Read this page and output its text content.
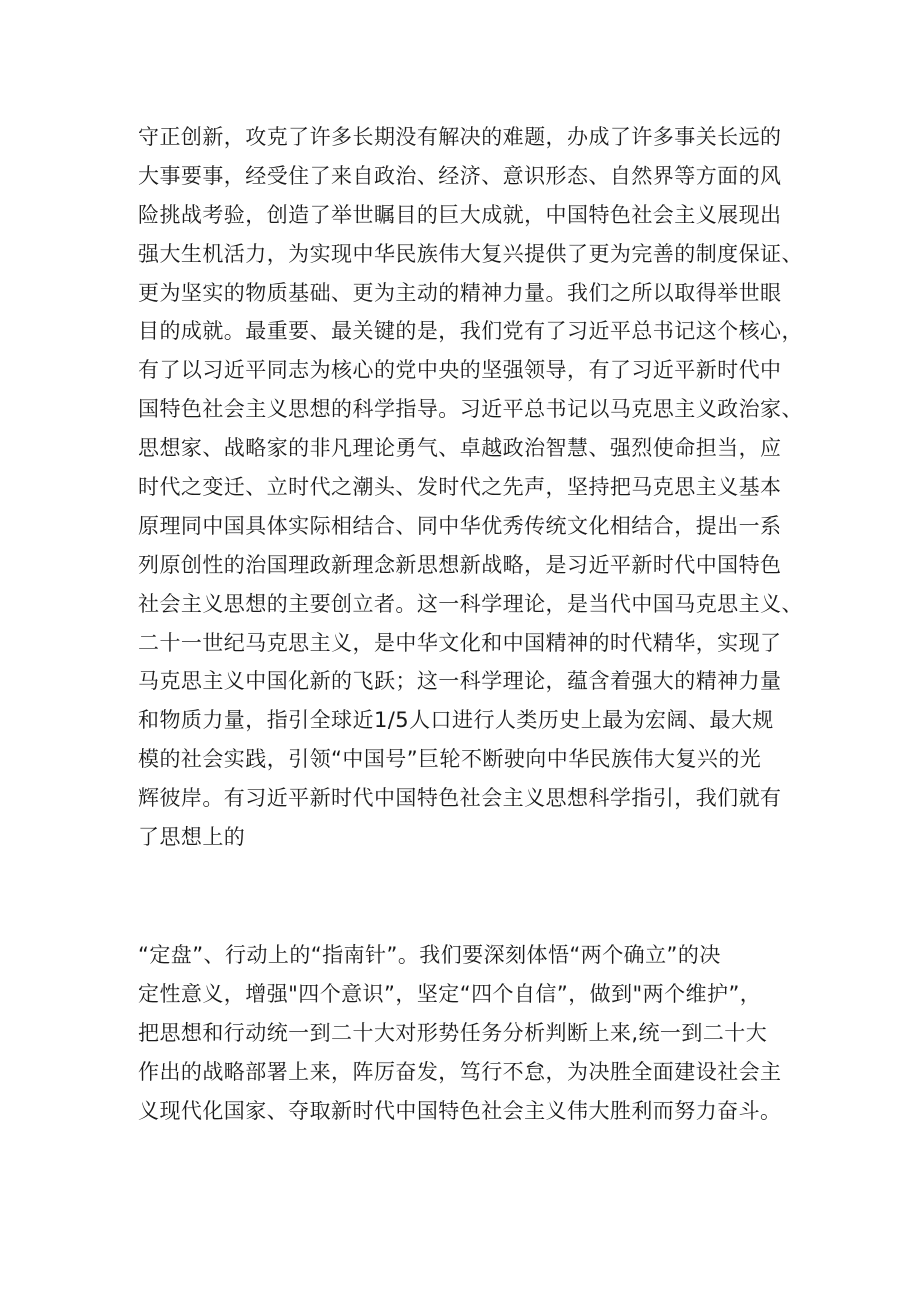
守正创新，攻克了许多长期没有解决的难题，办成了许多事关长远的
大事要事，经受住了来自政治、经济、意识形态、自然界等方面的风
险挑战考验，创造了举世瞩目的巨大成就，中国特色社会主义展现出
强大生机活力，为实现中华民族伟大复兴提供了更为完善的制度保证、
更为坚实的物质基础、更为主动的精神力量。我们之所以取得举世眼
目的成就。最重要、最关键的是，我们党有了习近平总书记这个核心，
有了以习近平同志为核心的党中央的坚强领导，有了习近平新时代中
国特色社会主义思想的科学指导。习近平总书记以马克思主义政治家、
思想家、战略家的非凡理论勇气、卓越政治智慧、强烈使命担当，应
时代之变迁、立时代之潮头、发时代之先声，坚持把马克思主义基本
原理同中国具体实际相结合、同中华优秀传统文化相结合，提出一系
列原创性的治国理政新理念新思想新战略，是习近平新时代中国特色
社会主义思想的主要创立者。这一科学理论，是当代中国马克思主义、
二十一世纪马克思主义，是中华文化和中国精神的时代精华，实现了
马克思主义中国化新的飞跃；这一科学理论，蕴含着强大的精神力量
和物质力量，指引全球近1/5人口进行人类历史上最为宏阔、最大规
模的社会实践，引领“中国号”巨轮不断驶向中华民族伟大复兴的光
辉彼岸。有习近平新时代中国特色社会主义思想科学指引，我们就有
了思想上的
“定盘”、行动上的“指南针”。我们要深刻体悟“两个确立”的决
定性意义，增强"四个意识”，坚定“四个自信”，做到"两个维护”，
把思想和行动统一到二十大对形势任务分析判断上来,统一到二十大
作出的战略部署上来，阵厉奋发，笃行不怠，为决胜全面建设社会主
义现代化国家、夺取新时代中国特色社会主义伟大胜利而努力奋斗。
